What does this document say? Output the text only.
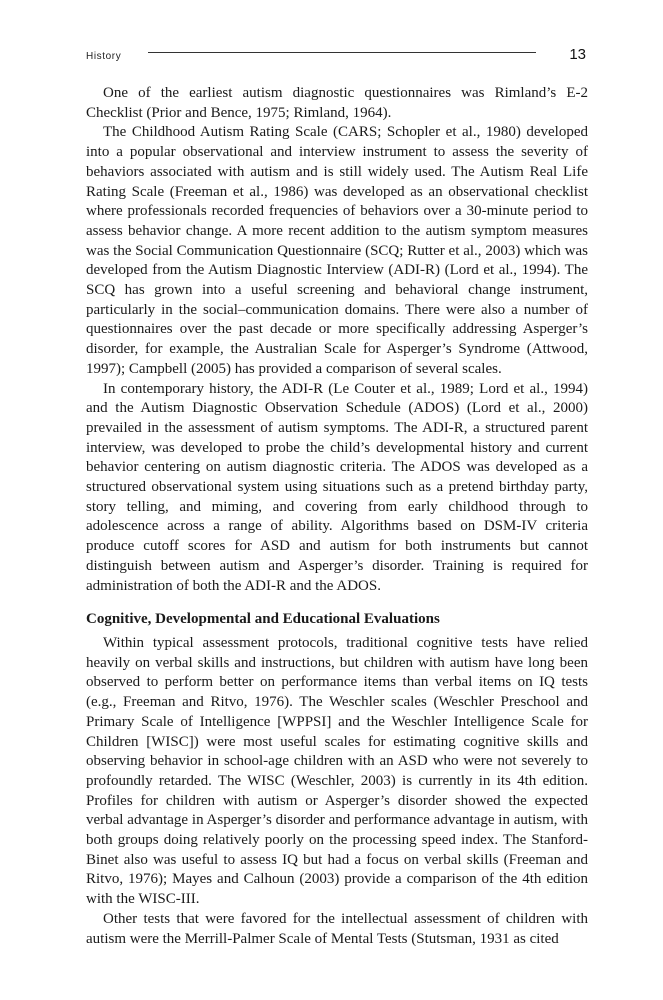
History	13

One of the earliest autism diagnostic questionnaires was Rimland’s E-2 Checklist (Prior and Bence, 1975; Rimland, 1964).

The Childhood Autism Rating Scale (CARS; Schopler et al., 1980) developed into a popular observational and interview instrument to assess the severity of behaviors associated with autism and is still widely used. The Autism Real Life Rating Scale (Freeman et al., 1986) was developed as an observational checklist where professionals recorded frequencies of behaviors over a 30-minute period to assess behavior change. A more recent addition to the autism symptom measures was the Social Communication Questionnaire (SCQ; Rutter et al., 2003) which was developed from the Autism Diagnostic Interview (ADI-R) (Lord et al., 1994). The SCQ has grown into a useful screening and behavioral change instrument, particularly in the social–communication domains. There were also a number of questionnaires over the past decade or more specifically addressing Asperger’s disorder, for example, the Australian Scale for Asperger’s Syndrome (Attwood, 1997); Campbell (2005) has provided a comparison of several scales.

In contemporary history, the ADI-R (Le Couter et al., 1989; Lord et al., 1994) and the Autism Diagnostic Observation Schedule (ADOS) (Lord et al., 2000) prevailed in the assessment of autism symptoms. The ADI-R, a structured parent interview, was developed to probe the child’s developmental history and current behavior centering on autism diagnostic criteria. The ADOS was developed as a structured observational system using situations such as a pretend birthday party, story telling, and miming, and covering from early childhood through to adolescence across a range of ability. Algorithms based on DSM-IV criteria produce cutoff scores for ASD and autism for both instruments but cannot distinguish between autism and Asperger’s disorder. Training is required for administration of both the ADI-R and the ADOS.

Cognitive, Developmental and Educational Evaluations

Within typical assessment protocols, traditional cognitive tests have relied heavily on verbal skills and instructions, but children with autism have long been observed to perform better on performance items than verbal items on IQ tests (e.g., Freeman and Ritvo, 1976). The Weschler scales (Weschler Preschool and Primary Scale of Intelligence [WPPSI] and the Weschler Intelligence Scale for Children [WISC]) were most useful scales for estimating cognitive skills and observing behavior in school-age children with an ASD who were not severely to profoundly retarded. The WISC (Weschler, 2003) is currently in its 4th edition. Profiles for children with autism or Asperger’s disorder showed the expected verbal advantage in Asperger’s disorder and performance advantage in autism, with both groups doing relatively poorly on the processing speed index. The Stanford-Binet also was useful to assess IQ but had a focus on verbal skills (Freeman and Ritvo, 1976); Mayes and Calhoun (2003) provide a comparison of the 4th edition with the WISC-III.

Other tests that were favored for the intellectual assessment of children with autism were the Merrill-Palmer Scale of Mental Tests (Stutsman, 1931 as cited
